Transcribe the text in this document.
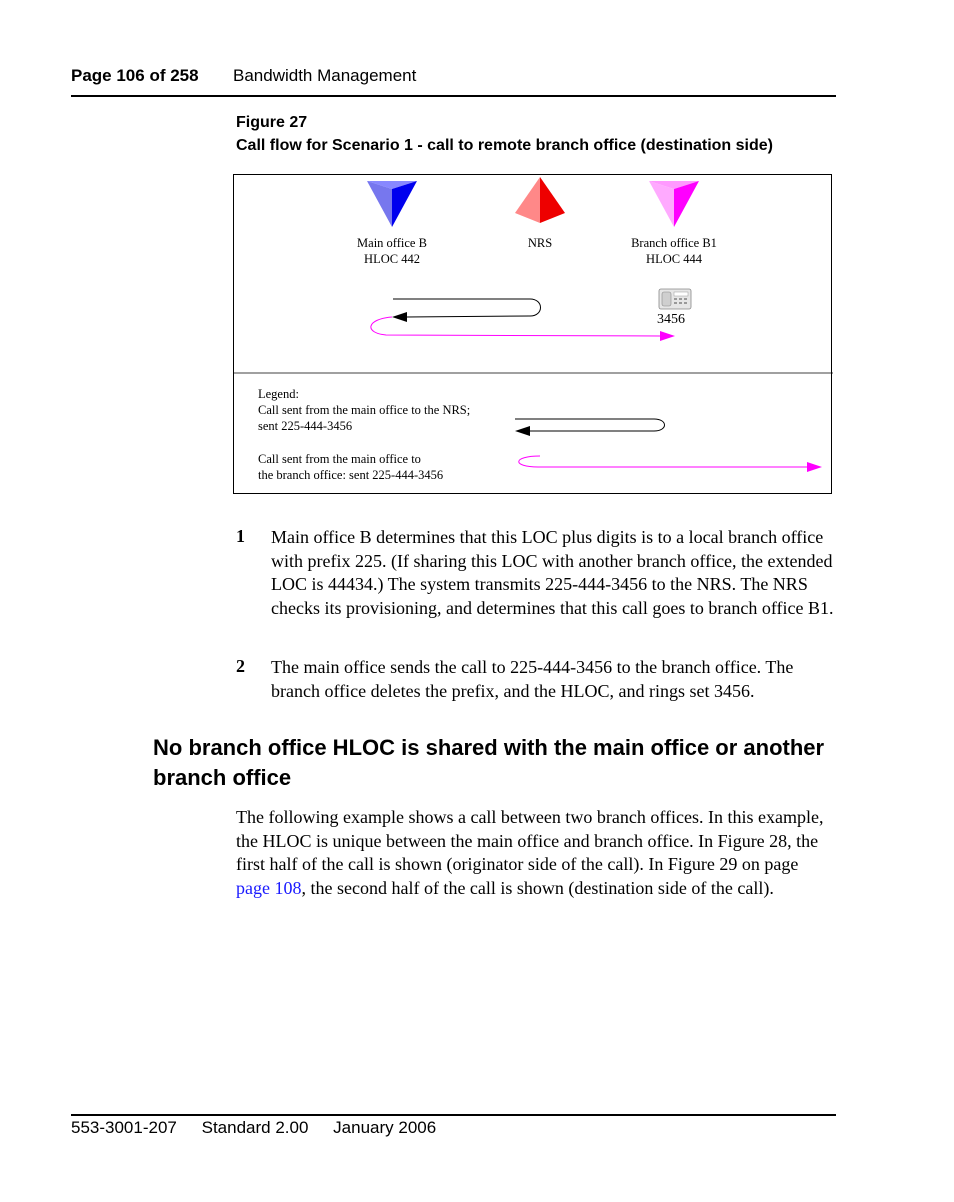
Page 106 of 258 Bandwidth Management
Figure 27
Call flow for Scenario 1 - call to remote branch office (destination side)
Main office B
HLOC 442
NRS	Branch office B1
HLOC 444
3456
Legend:
Call sent from the main office to the NRS;
sent 225-444-3456
Call sent from the main office to
the branch office: sent 225-444-3456
1 Main office B determines that this LOC plus digits is to a local branch office with prefix 225. (If sharing this LOC with another branch office, the extended LOC is 44434.) The system transmits 225-444-3456 to the NRS. The NRS checks its provisioning, and determines that this call goes to branch office B1.
2 The main office sends the call to 225-444-3456 to the branch office. The branch office deletes the prefix, and the HLOC, and rings set 3456.
No branch office HLOC is shared with the main office or another branch office
The following example shows a call between two branch offices. In this example, the HLOC is unique between the main office and branch office. In Figure 28, the first half of the call is shown (originator side of the call). In Figure 29 on page page 108, the second half of the call is shown (destination side of the call).
553-3001-207 Standard 2.00 January 2006
